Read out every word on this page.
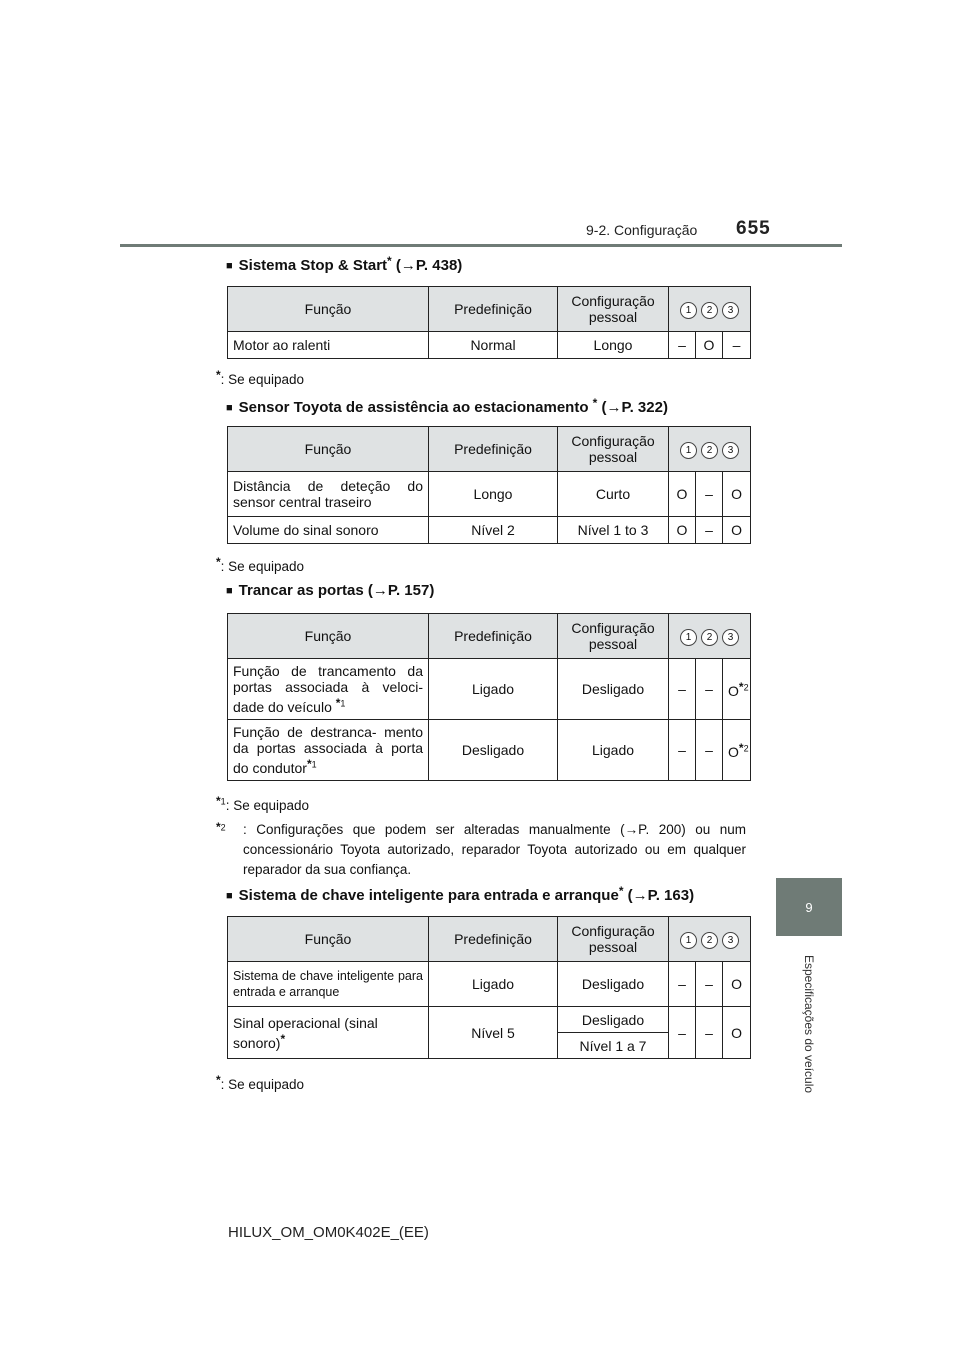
9-2. Configuração 655
9
Especificações do veículo
■ Sistema Stop & Start* (→P. 438)
Função	Predefinição	Configuração pessoal	1 2 3		
Motor ao ralenti	Normal	Longo	–	O	–
*: Se equipado
■ Sensor Toyota de assistência ao estacionamento * (→P. 322)
Função	Predefinição	Configuração pessoal	1 2 3		
Distância de deteção do sensor central traseiro	Longo	Curto	O	–	O
Volume do sinal sonoro	Nível 2	Nível 1 to 3	O	–	O
*: Se equipado
■ Trancar as portas (→P. 157)
Função	Predefinição	Configuração pessoal	1 2 3		
Função de trancamento da portas associada à veloci- dade do veículo *$^1$	Ligado	Desligado	–	–	O*$^2$
Função de destranca- mento da portas associada à porta do condutor*$^1$	Desligado	Ligado	–	–	O*$^2$
*$^1$: Se equipado
*$^2$	: Configurações que podem ser alteradas manualmente (→P. 200) ou num concessionário Toyota autorizado, reparador Toyota autorizado ou em qualquer reparador da sua confiança.
■ Sistema de chave inteligente para entrada e arranque* (→P. 163)
Função	Predefinição	Configuração pessoal	1 2 3		
Sistema de chave inteligente para entrada e arranque	Ligado	Desligado	–	–	O
Sinal operacional (sinal sonoro)*	Nível 5	Desligado	–	–	O
		Nível 1 a 7			
*: Se equipado
HILUX_OM_OM0K402E_(EE)
